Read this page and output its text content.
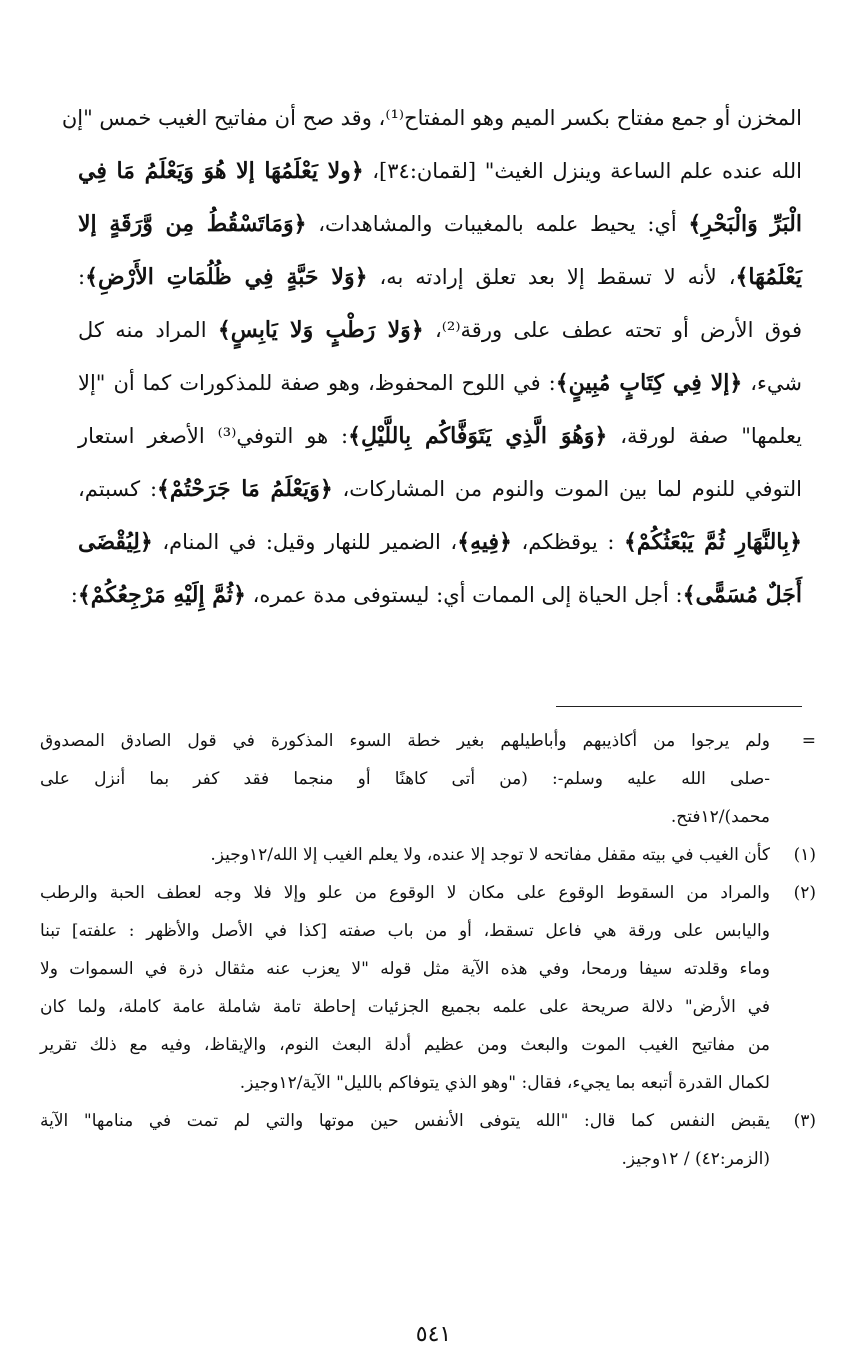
المخزن أو جمع مفتاح بكسر الميم وهو المفتاح⁽¹⁾، وقد صح أن مفاتيح الغيب خمس "إن
الله عنده علم الساعة وينزل الغيث" [لقمان:٣٤]، ﴿ولا يَعْلَمُهَا إلا هُوَ وَيَعْلَمُ مَا فِي
الْبَرِّ وَالْبَحْرِ﴾ أي: يحيط علمه بالمغيبات والمشاهدات، ﴿وَمَاتَسْقُطُ مِن وَّرَقَةٍ إلا
يَعْلَمُهَا﴾، لأنه لا تسقط إلا بعد تعلق إرادته به، ﴿وَلا حَبَّةٍ فِي ظُلُمَاتِ الأَرْضِ﴾:
فوق الأرض أو تحته عطف على ورقة⁽²⁾، ﴿وَلا رَطْبٍ وَلا يَابِسٍ﴾ المراد منه كل
شيء، ﴿إلا فِي كِتَابٍ مُبِينٍ﴾: في اللوح المحفوظ، وهو صفة للمذكورات كما أن "إلا
يعلمها" صفة لورقة، ﴿وَهُوَ الَّذِي يَتَوَفَّاكُم بِاللَّيْلِ﴾: هو التوفي⁽³⁾ الأصغر استعار
التوفي للنوم لما بين الموت والنوم من المشاركات، ﴿وَيَعْلَمُ مَا جَرَحْتُمْ﴾: كسبتم،
﴿بِالنَّهَارِ ثُمَّ يَبْعَثُكُمْ﴾ : يوقظكم، ﴿فِيهِ﴾، الضمير للنهار وقيل: في المنام، ﴿لِيُقْضَى
أَجَلٌ مُسَمًّى﴾: أجل الحياة إلى الممات أي: ليستوفى مدة عمره، ﴿ثُمَّ إِلَيْهِ مَرْجِعُكُمْ﴾:
=
ولم يرجوا من أكاذيبهم وأباطيلهم بغير خطة السوء المذكورة في قول الصادق المصدوق
-صلى الله عليه وسلم-: (من أتى كاهنًا أو منجما فقد كفر بما أنزل على
محمد)/١٢فتح.
(١)
كأن الغيب في بيته مقفل مفاتحه لا توجد إلا عنده، ولا يعلم الغيب إلا الله/١٢وجيز.
(٢)
والمراد من السقوط الوقوع على مكان لا الوقوع من علو وإلا فلا وجه لعطف الحبة والرطب
واليابس على ورقة هي فاعل تسقط، أو من باب صفته [كذا في الأصل والأظهر : علفته] تبنا
وماء وقلدته سيفا ورمحا، وفي هذه الآية مثل قوله "لا يعزب عنه مثقال ذرة في السموات ولا
في الأرض" دلالة صريحة على علمه بجميع الجزئيات إحاطة تامة شاملة عامة كاملة، ولما كان
من مفاتيح الغيب الموت والبعث ومن عظيم أدلة البعث النوم، والإيقاظ، وفيه مع ذلك تقرير
لكمال القدرة أتبعه بما يجيء، فقال: "وهو الذي يتوفاكم بالليل" الآية/١٢وجيز.
(٣)
يقبض النفس كما قال: "الله يتوفى الأنفس حين موتها والتي لم تمت في منامها" الآية
(الزمر:٤٢) / ١٢وجيز.
٥٤١
